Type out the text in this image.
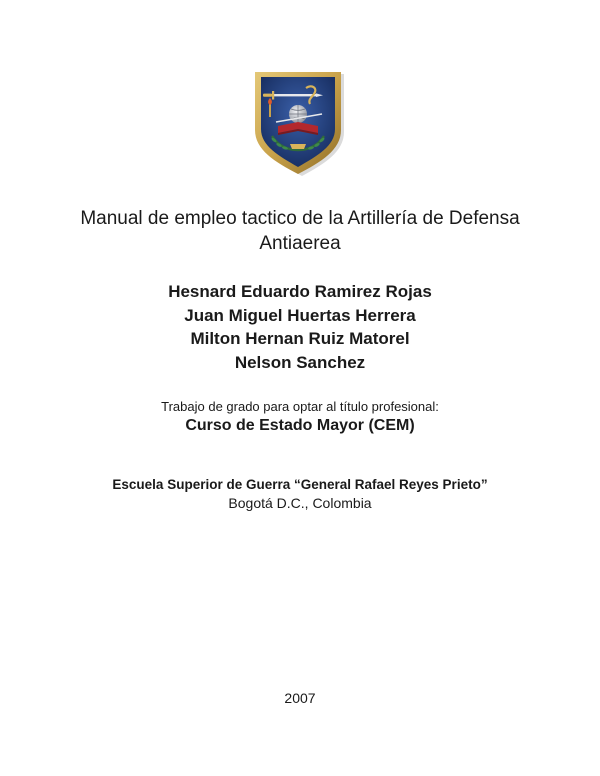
Manual de empleo tactico de la Artillería de Defensa
Antiaerea
Hesnard Eduardo Ramirez Rojas
Juan Miguel Huertas Herrera
Milton Hernan Ruiz Matorel
Nelson Sanchez
Trabajo de grado para optar al título profesional:
Curso de Estado Mayor (CEM)
Escuela Superior de Guerra “General Rafael Reyes Prieto”
Bogotá D.C., Colombia
2007
